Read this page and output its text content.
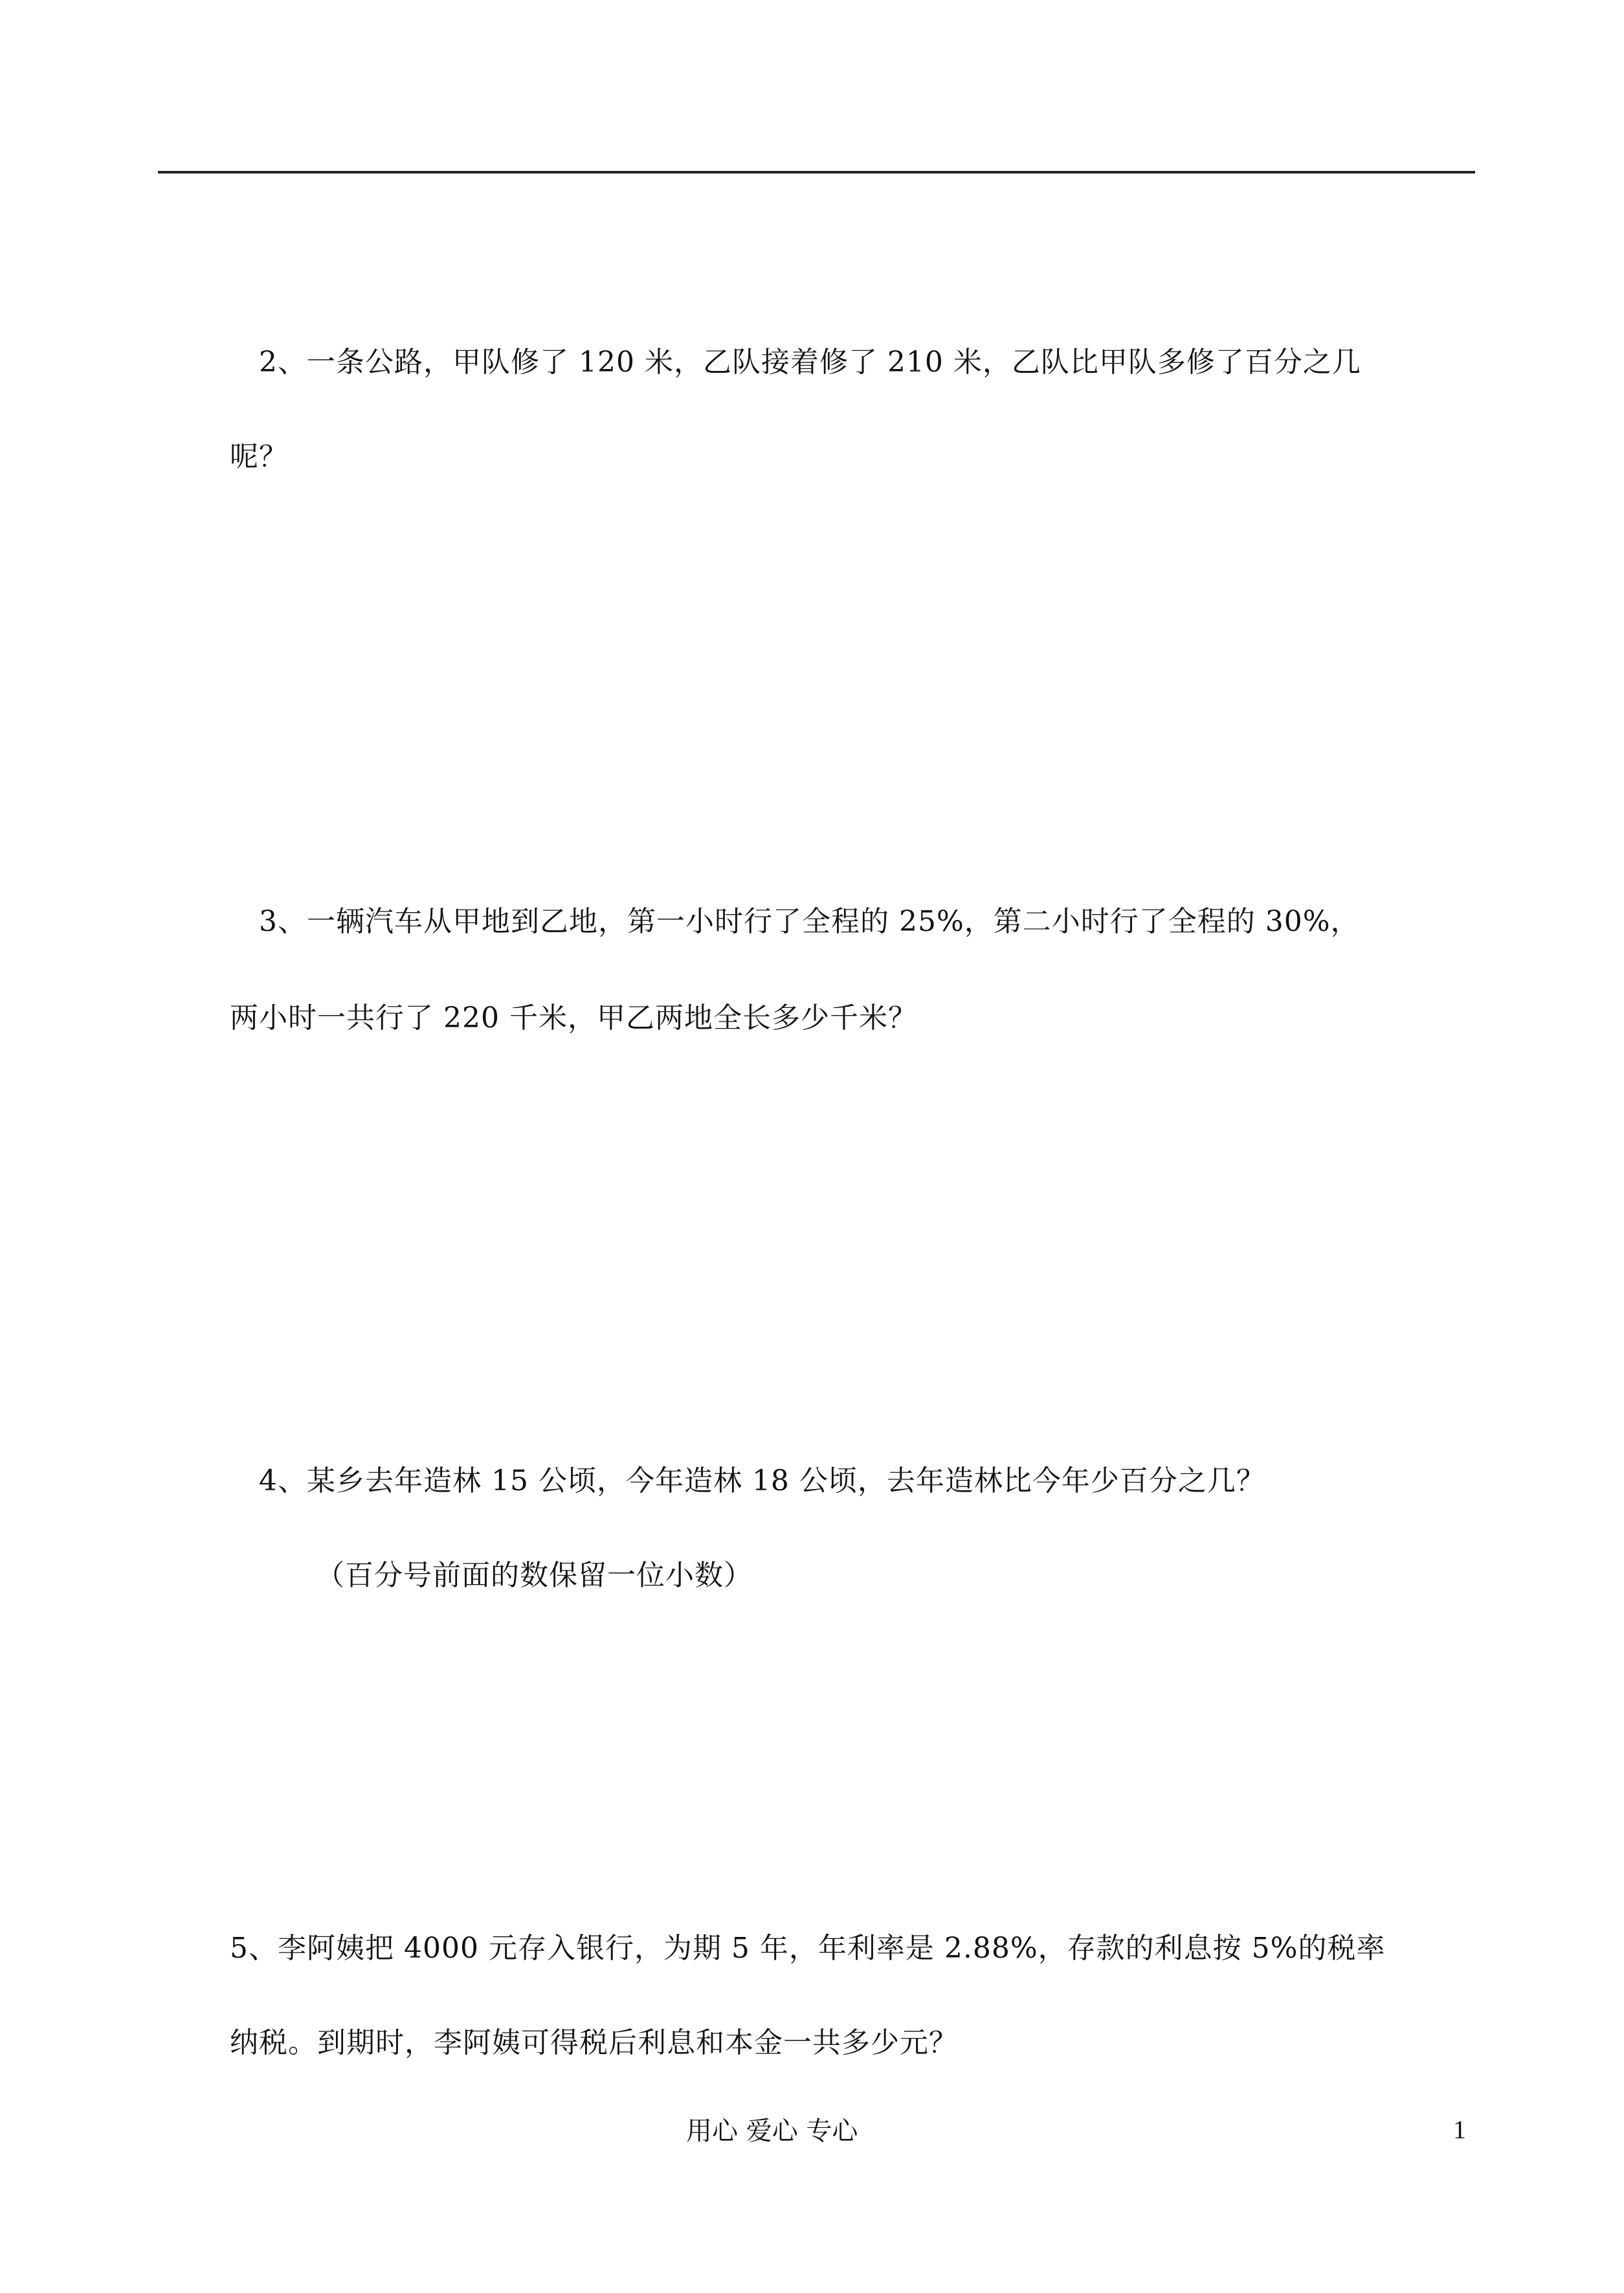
2、一条公路，甲队修了 120 米，乙队接着修了 210 米，乙队比甲队多修了百分之几
呢？
3、一辆汽车从甲地到乙地，第一小时行了全程的 25%，第二小时行了全程的 30%，
两小时一共行了 220 千米，甲乙两地全长多少千米？
4、某乡去年造林 15 公顷，今年造林 18 公顷，去年造林比今年少百分之几？
（百分号前面的数保留一位小数）
5、李阿姨把 4000 元存入银行，为期 5 年，年利率是 2.88%，存款的利息按 5%的税率
纳税。到期时，李阿姨可得税后利息和本金一共多少元？
用心 爱心 专心	1
